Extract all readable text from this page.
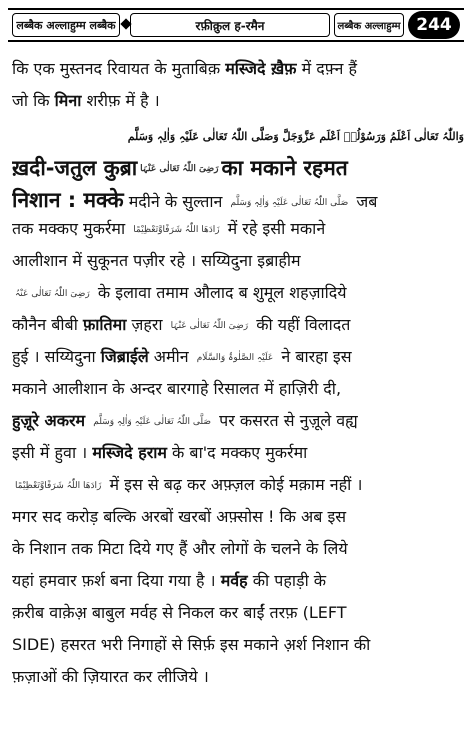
लब्बैक अल्लाहुम्म लब्बैक	रफ़ीक़ुल ह-रमैन	लब्बैक अल्लाहुम्म 244
कि एक मुस्तनद रिवायत के मुताबिक़ मस्जिदे ख़ैफ़ में दफ़्न हैं
जो कि मिना शरीफ़ में है ।
وَاللّٰہُ تَعَالٰی اَعْلَمُ وَرَسُوْلُہٗ اَعْلَم عَزَّوَجَلَّ وَصَلَّی اللّٰہُ تَعَالٰی عَلَیْہِ وَاٰلِہٖ وَسَلَّم
ख़दी-जतुल कुब्रा رَضِیَ اللّٰہُ تَعَالٰی عَنْہَا का मकाने रहमत
निशान : मक्के मदीने के सुल्तान صَلَّی اللّٰہُ تَعَالٰی عَلَیْہِ وَاٰلِہٖ وَسَلَّم जब
तक मक्कए मुकर्रमा زَادَھَا اللّٰہُ شَرَفًاوَّتَعْظِیْمًا में रहे इसी मकाने
आलीशान में सुकूनत पज़ीर रहे । सय्यिदुना इब्राहीम
رَضِیَ اللّٰہُ تَعَالٰی عَنْہُ के इलावा तमाम औलाद ब शुमूल शहज़ादिये
कौनैन बीबी फ़ातिमा ज़हरा رَضِیَ اللّٰہُ تَعَالٰی عَنْہَا की यहीं विलादत
हुई । सय्यिदुना जिब्राईले अमीन عَلَیْہِ الصَّلٰوۃُ وَالسَّلَام ने बारहा इस
मकाने आलीशान के अन्दर बारगाहे रिसालत में हाज़िरी दी,
हुज़ूरे अकरम صَلَّی اللّٰہُ تَعَالٰی عَلَیْہِ وَاٰلِہٖ وَسَلَّم पर कसरत से नुज़ूले वह्य
इसी में हुवा । मस्जिदे हराम के बा'द मक्कए मुकर्रमा
زَادَھَا اللّٰہُ شَرَفًاوَّتَعْظِیْمًا में इस से बढ़ कर अफ़्ज़ल कोई मक़ाम नहीं ।
मगर सद करोड़ बल्कि अरबों खरबों अफ़्सोस ! कि अब इस
के निशान तक मिटा दिये गए हैं और लोगों के चलने के लिये
यहां हमवार फ़र्श बना दिया गया है । मर्वह की पहाड़ी के
क़रीब वाक़ेअ़ बाबुल मर्वह से निकल कर बाईं तरफ़ (LEFT
SIDE) हसरत भरी निगाहों से सिर्फ़ इस मकाने अ़र्श निशान की
फ़ज़ाओं की ज़ियारत कर लीजिये ।
